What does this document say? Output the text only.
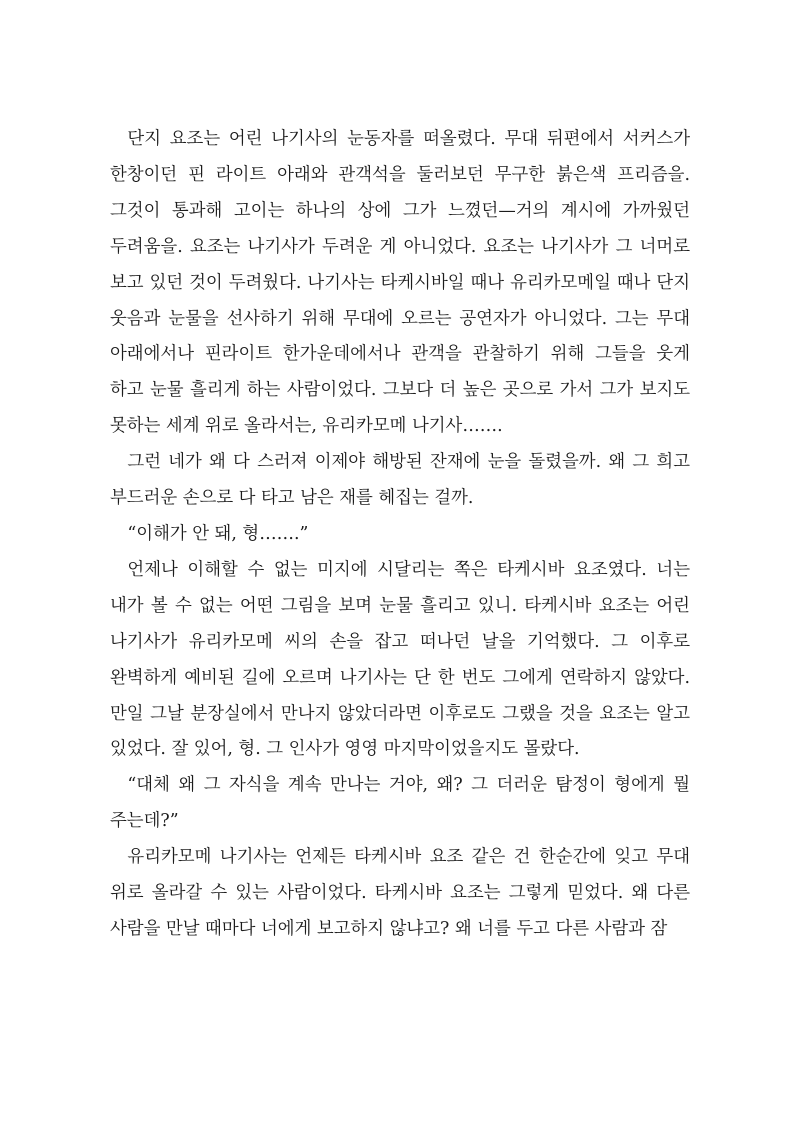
단지 요조는 어린 나기사의 눈동자를 떠올렸다. 무대 뒤편에서 서커스가 한창이던 핀 라이트 아래와 관객석을 둘러보던 무구한 붉은색 프리즘을. 그것이 통과해 고이는 하나의 상에 그가 느꼈던—거의 계시에 가까웠던 두려움을. 요조는 나기사가 두려운 게 아니었다. 요조는 나기사가 그 너머로 보고 있던 것이 두려웠다. 나기사는 타케시바일 때나 유리카모메일 때나 단지 웃음과 눈물을 선사하기 위해 무대에 오르는 공연자가 아니었다. 그는 무대 아래에서나 핀라이트 한가운데에서나 관객을 관찰하기 위해 그들을 웃게 하고 눈물 흘리게 하는 사람이었다. 그보다 더 높은 곳으로 가서 그가 보지도 못하는 세계 위로 올라서는, 유리카모메 나기사…….

그런 네가 왜 다 스러져 이제야 해방된 잔재에 눈을 돌렸을까. 왜 그 희고 부드러운 손으로 다 타고 남은 재를 헤집는 걸까.

“이해가 안 돼, 형…….”

언제나 이해할 수 없는 미지에 시달리는 쪽은 타케시바 요조였다. 너는 내가 볼 수 없는 어떤 그림을 보며 눈물 흘리고 있니. 타케시바 요조는 어린 나기사가 유리카모메 씨의 손을 잡고 떠나던 날을 기억했다. 그 이후로 완벽하게 예비된 길에 오르며 나기사는 단 한 번도 그에게 연락하지 않았다. 만일 그날 분장실에서 만나지 않았더라면 이후로도 그랬을 것을 요조는 알고 있었다. 잘 있어, 형. 그 인사가 영영 마지막이었을지도 몰랐다.

“대체 왜 그 자식을 계속 만나는 거야, 왜? 그 더러운 탐정이 형에게 뭘 주는데?”

유리카모메 나기사는 언제든 타케시바 요조 같은 건 한순간에 잊고 무대 위로 올라갈 수 있는 사람이었다. 타케시바 요조는 그렇게 믿었다. 왜 다른 사람을 만날 때마다 너에게 보고하지 않냐고? 왜 너를 두고 다른 사람과 잠
